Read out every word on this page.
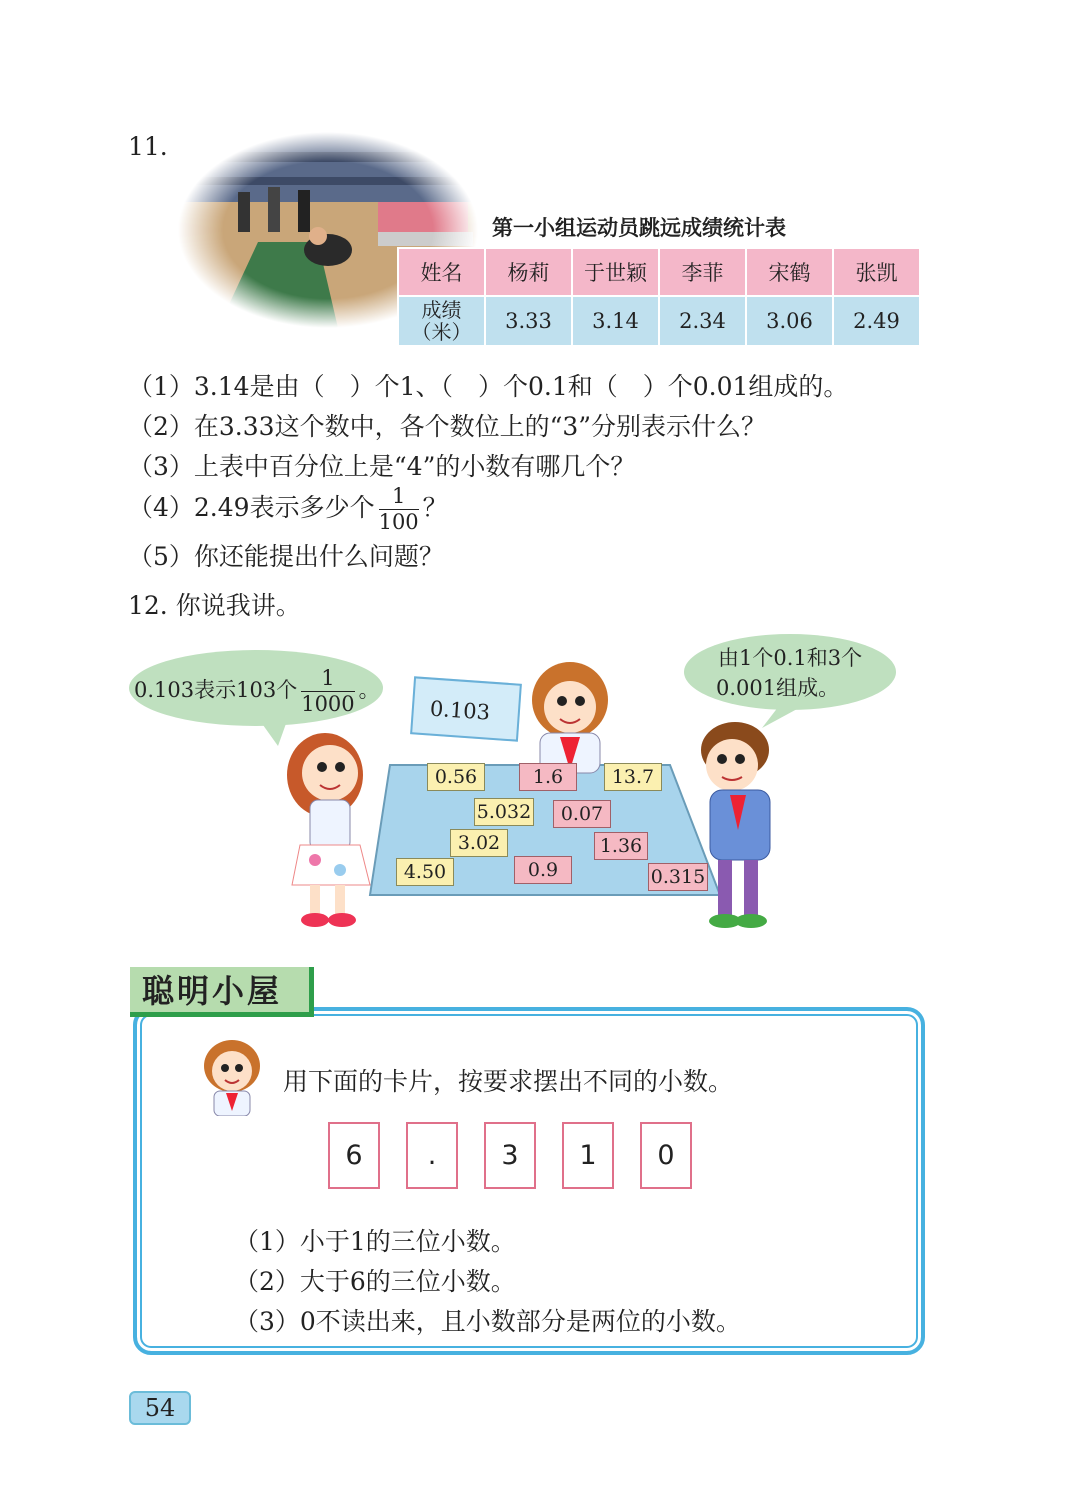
11.
第一小组运动员跳远成绩统计表
姓名	杨莉	于世颖	李菲	宋鹤	张凯
成绩
（米）	3.33	3.14	2.34	3.06	2.49
（1）3.14是由（　）个1、（　）个0.1和（　）个0.01组成的。
（2）在3.33这个数中，各个数位上的“3”分别表示什么？
（3）上表中百分位上是“4”的小数有哪几个？
（4）2.49表示多少个 $\frac{1}{100}$ ？
（5）你还能提出什么问题？
12. 你说我讲。
0.103表示103个 $\frac{1}{1000}$ 。
由1个0.1和3个
0.001组成。
0.103
0.56	1.6	13.7
5.032	0.07
3.02	1.36
4.50	0.9	0.315
聪明小屋
用下面的卡片，按要求摆出不同的小数。
6	.	3	1	0
（1）小于1的三位小数。
（2）大于6的三位小数。
（3）0不读出来，且小数部分是两位的小数。
54
